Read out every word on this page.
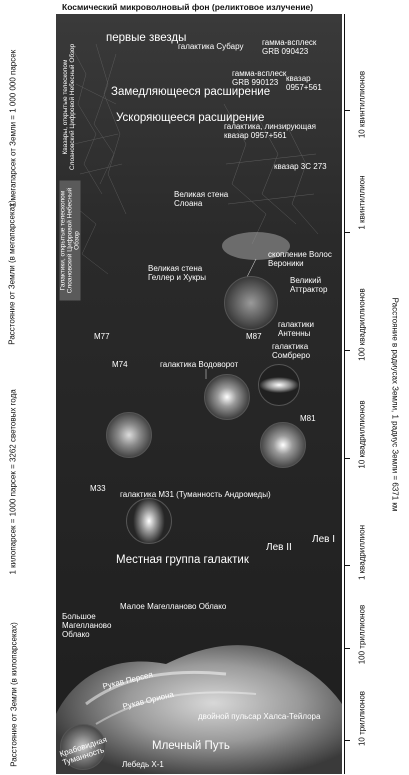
Космический микроволновый фон (реликтовое излучение)
Квазары, открытые телескопом Слоановский Цифровой Небесный Обзор
Галактики, открытые телескопом Слоановский Цифровой Небесный Обзор
первые звезды
галактика Субару гамма-всплеск GRB 090423
гамма-всплеск GRB 990123 квазар 0957+561
Замедляющееся расширение
Ускоряющееся расширение
галактика, линзирующая квазар 0957+561
квазар 3C 273
Великая стена Слоана
скопление Волос Вероники
Великий Аттрактор
Великая стена Геллер и Хукры
M77	M87
галактики Антенны
галактика Сомбреро
M74	галактика Водоворот
M81
M33
галактика M31 (Туманность Андромеды)
Лев II
Лев I
Местная группа галактик
Малое Магелланово Облако
Большое Магелланово Облако
Рукав Персея
Рукав Ориона
двойной пульсар Халса-Тейлора
Млечный Путь
Крабовидная Туманность	Лебедь X-1
1 мегапарсек от Земли = 1 000 000 парсек
Расстояние от Земли (в мегапарсеках)
1 килопарсек = 1000 парсек = 3262 световых года
Расстояние от Земли (в килопарсеках)
10 квинтиллионов
1 квинтиллион
100 квадриллионов
10 квадриллионов
1 квадриллион
100 триллионов
10 триллионов
Расстояние в радиусах Земли, 1 радиус Земли = 6371 км
